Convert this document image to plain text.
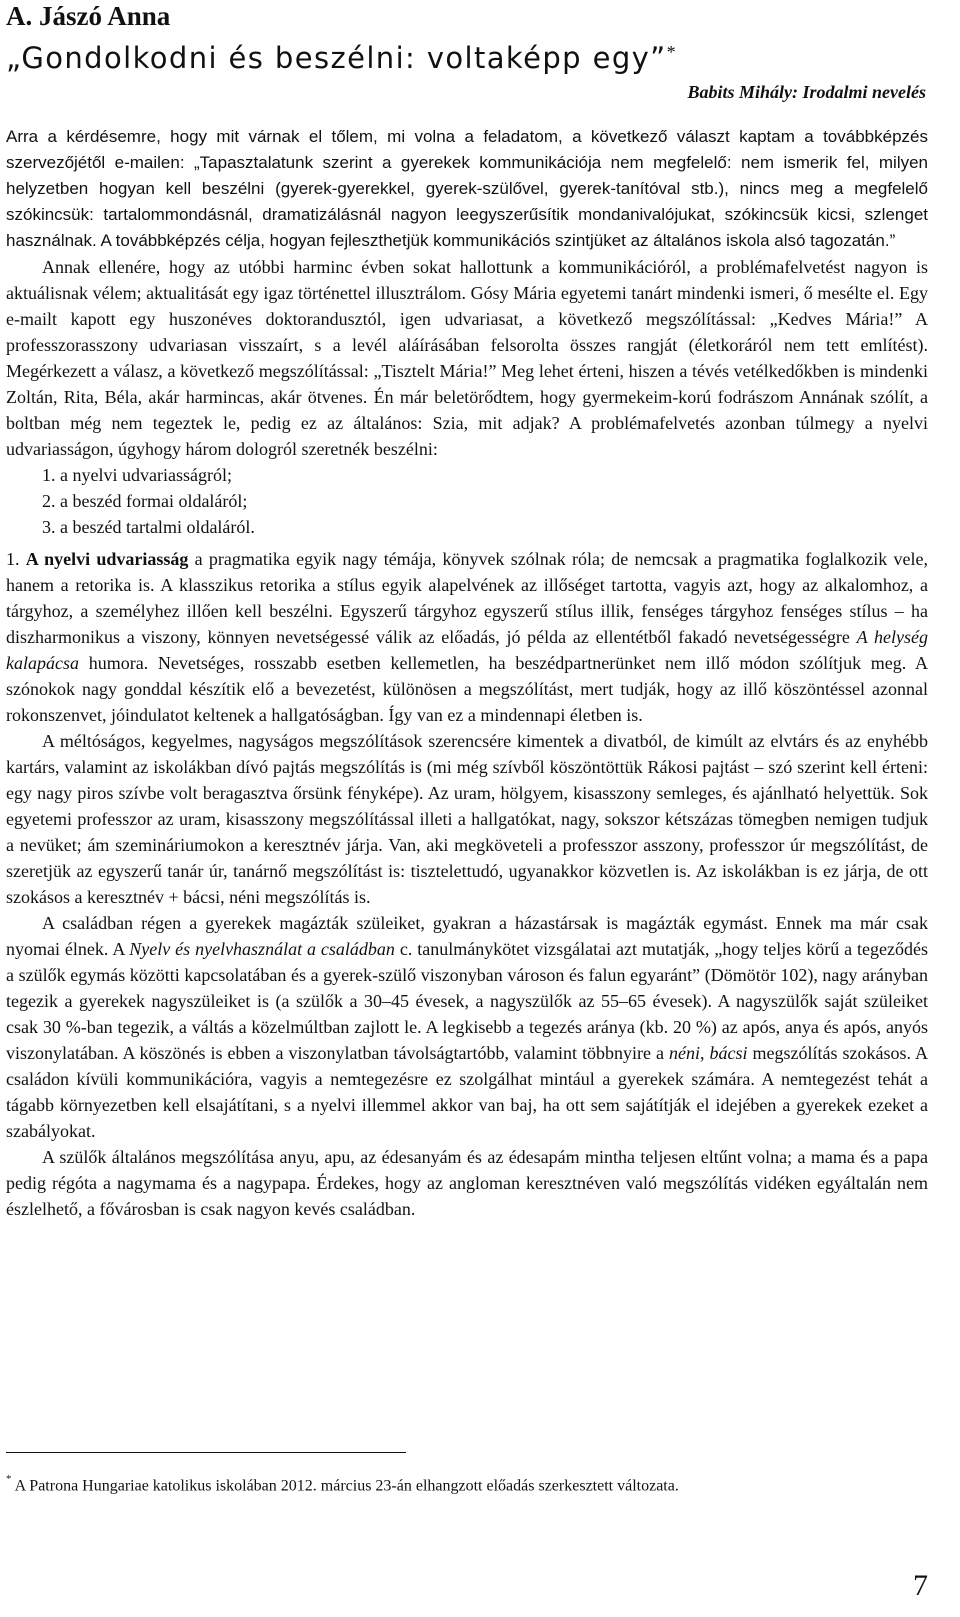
A. Jászó Anna
„Gondolkodni és beszélni: voltaképp egy”*
Babits Mihály: Irodalmi nevelés

Arra a kérdésemre, hogy mit várnak el tőlem, mi volna a feladatom, a következő választ kaptam a továbbképzés szervezőjétől e-mailen: „Tapasztalatunk szerint a gyerekek kommunikációja nem megfelelő: nem ismerik fel, milyen helyzetben hogyan kell beszélni (gyerek-gyerekkel, gyerek-szülővel, gyerek-tanítóval stb.), nincs meg a megfelelő szókincsük: tartalommondásnál, dramatizálásnál nagyon leegyszerűsítik mondanivalójukat, szókincsük kicsi, szlenget használnak. A továbbképzés célja, hogyan fejleszthetjük kommunikációs szintjüket az általános iskola alsó tagozatán.”

Annak ellenére, hogy az utóbbi harminc évben sokat hallottunk a kommunikációról, a problémafelvetést nagyon is aktuálisnak vélem; aktualitását egy igaz történettel illusztrálom. Gósy Mária egyetemi tanárt mindenki ismeri, ő mesélte el. Egy e-mailt kapott egy huszonéves doktorandusztól, igen udvariasat, a következő megszólítással: „Kedves Mária!” A professzorasszony udvariasan visszaírt, s a levél aláírásában felsorolta összes rangját (életkoráról nem tett említést). Megérkezett a válasz, a következő megszólítással: „Tisztelt Mária!” Meg lehet érteni, hiszen a tévés vetélkedőkben is mindenki Zoltán, Rita, Béla, akár harmincas, akár ötvenes. Én már beletörődtem, hogy gyermekeim-korú fodrászom Annának szólít, a boltban még nem tegeztek le, pedig ez az általános: Szia, mit adjak? A problémafelvetés azonban túlmegy a nyelvi udvariasságon, úgyhogy három dologról szeretnék beszélni:

1. a nyelvi udvariasságról;
2. a beszéd formai oldaláról;
3. a beszéd tartalmi oldaláról.

1. A nyelvi udvariasság a pragmatika egyik nagy témája, könyvek szólnak róla; de nemcsak a pragmatika foglalkozik vele, hanem a retorika is. A klasszikus retorika a stílus egyik alapelvének az illőséget tartotta, vagyis azt, hogy az alkalomhoz, a tárgyhoz, a személyhez illően kell beszélni. Egyszerű tárgyhoz egyszerű stílus illik, fenséges tárgyhoz fenséges stílus – ha diszharmonikus a viszony, könnyen nevetségessé válik az előadás, jó példa az ellentétből fakadó nevetségességre A helység kalapácsa humora. Nevetséges, rosszabb esetben kellemetlen, ha beszédpartnerünket nem illő módon szólítjuk meg. A szónokok nagy gonddal készítik elő a bevezetést, különösen a megszólítást, mert tudják, hogy az illő köszöntéssel azonnal rokonszenvet, jóindulatot keltenek a hallgatóságban. Így van ez a mindennapi életben is.

A méltóságos, kegyelmes, nagyságos megszólítások szerencsére kimentek a divatból, de kimúlt az elvtárs és az enyhébb kartárs, valamint az iskolákban dívó pajtás megszólítás is (mi még szívből köszöntöttük Rákosi pajtást – szó szerint kell érteni: egy nagy piros szívbe volt beragasztva őrsünk fényképe). Az uram, hölgyem, kisasszony semleges, és ajánlható helyettük. Sok egyetemi professzor az uram, kisasszony megszólítással illeti a hallgatókat, nagy, sokszor kétszázas tömegben nemigen tudjuk a nevüket; ám szemináriumokon a keresztnév járja. Van, aki megköveteli a professzor asszony, professzor úr megszólítást, de szeretjük az egyszerű tanár úr, tanárnő megszólítást is: tisztelettudó, ugyanakkor közvetlen is. Az iskolákban is ez járja, de ott szokásos a keresztnév + bácsi, néni megszólítás is.

A családban régen a gyerekek magázták szüleiket, gyakran a házastársak is magázták egymást. Ennek ma már csak nyomai élnek. A Nyelv és nyelvhasználat a családban c. tanulmánykötet vizsgálatai azt mutatják, „hogy teljes körű a tegeződés a szülők egymás közötti kapcsolatában és a gyerek-szülő viszonyban városon és falun egyaránt” (Dömötör 102), nagy arányban tegezik a gyerekek nagyszüleiket is (a szülők a 30–45 évesek, a nagyszülők az 55–65 évesek). A nagyszülők saját szüleiket csak 30 %-ban tegezik, a váltás a közelmúltban zajlott le. A legkisebb a tegezés aránya (kb. 20 %) az após, anya és após, anyós viszonylatában. A köszönés is ebben a viszonylatban távolságtartóbb, valamint többnyire a néni, bácsi megszólítás szokásos. A családon kívüli kommunikációra, vagyis a nemtegezésre ez szolgálhat mintául a gyerekek számára. A nemtegezést tehát a tágabb környezetben kell elsajátítani, s a nyelvi illemmel akkor van baj, ha ott sem sajátítják el idejében a gyerekek ezeket a szabályokat.

A szülők általános megszólítása anyu, apu, az édesanyám és az édesapám mintha teljesen eltűnt volna; a mama és a papa pedig régóta a nagymama és a nagypapa. Érdekes, hogy az angloman keresztnéven való megszólítás vidéken egyáltalán nem észlelhető, a fővárosban is csak nagyon kevés családban.

* A Patrona Hungariae katolikus iskolában 2012. március 23-án elhangzott előadás szerkesztett változata.
7
